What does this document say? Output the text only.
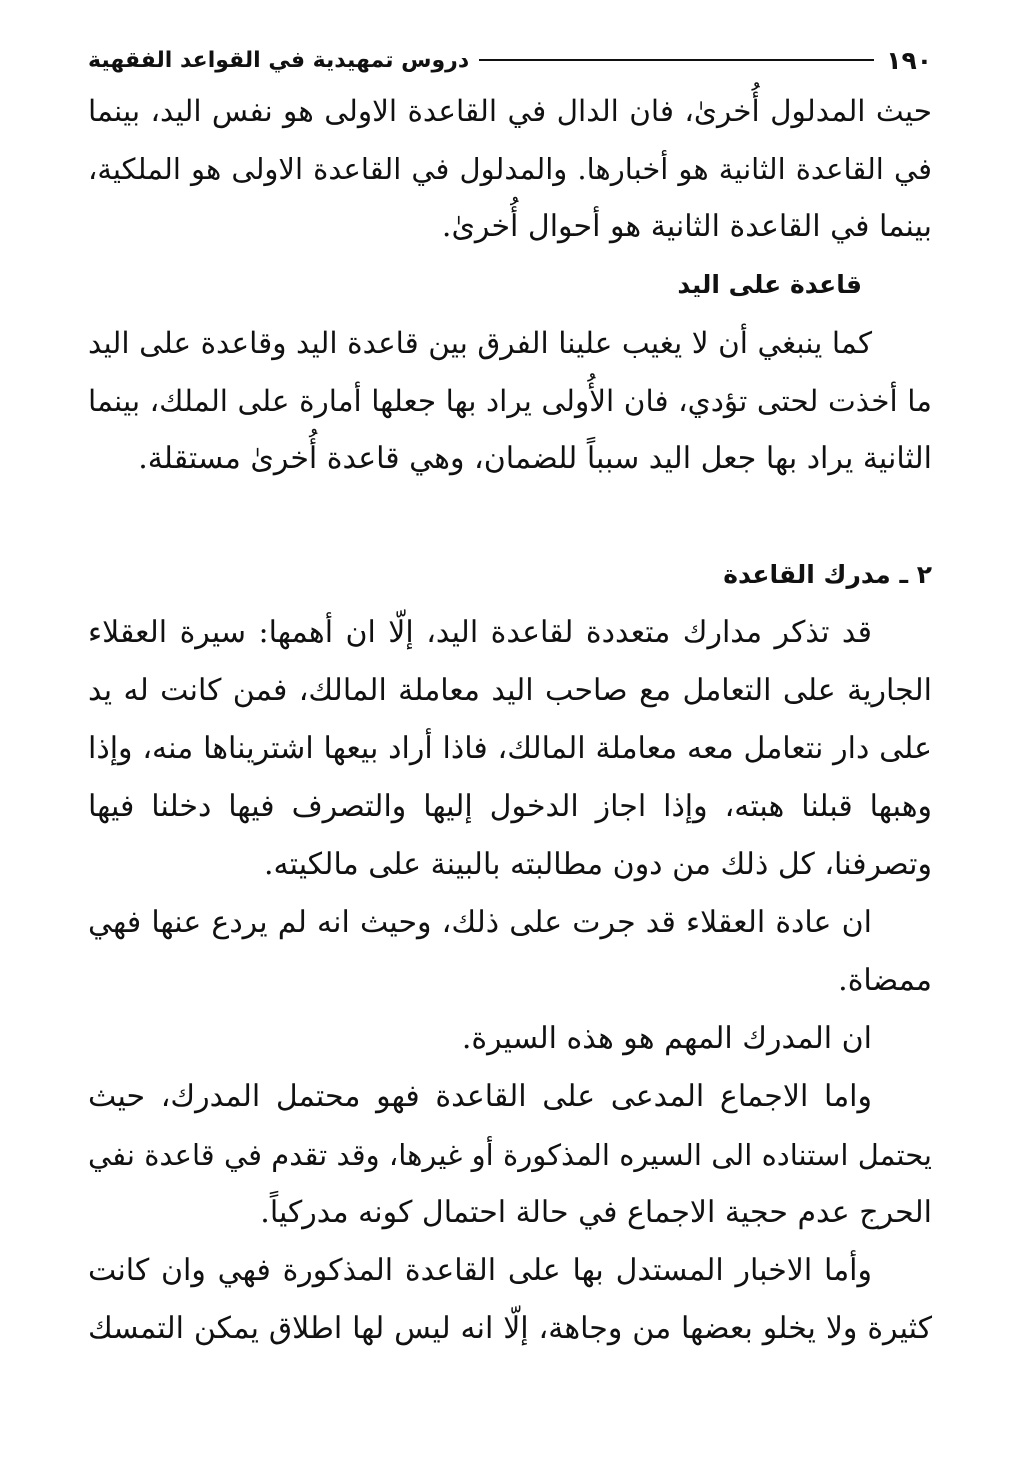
١٩٠
دروس تمهيدية في القواعد الفقهية
حيث المدلول أُخرىٰ، فان الدال في القاعدة الاولى هو نفس اليد، بينما
في القاعدة الثانية هو أخبارها. والمدلول في القاعدة الاولى هو الملكية،
بينما في القاعدة الثانية هو أحوال أُخرىٰ.
قاعدة على اليد
كما ينبغي أن لا يغيب علينا الفرق بين قاعدة اليد وقاعدة على اليد
ما أخذت لحتى تؤدي، فان الأُولى يراد بها جعلها أمارة على الملك، بينما
الثانية يراد بها جعل اليد سبباً للضمان، وهي قاعدة أُخرىٰ مستقلة.
٢ ـ مدرك القاعدة
قد تذكر مدارك متعددة لقاعدة اليد، إلّا ان أهمها: سيرة العقلاء
الجارية على التعامل مع صاحب اليد معاملة المالك، فمن كانت له يد
على دار نتعامل معه معاملة المالك، فاذا أراد بيعها اشتريناها منه، وإذا
وهبها قبلنا هبته، وإذا اجاز الدخول إليها والتصرف فيها دخلنا فيها
وتصرفنا، كل ذلك من دون مطالبته بالبينة على مالكيته.
ان عادة العقلاء قد جرت على ذلك، وحيث انه لم يردع عنها فهي
ممضاة.
ان المدرك المهم هو هذه السيرة.
واما الاجماع المدعى على القاعدة فهو محتمل المدرك، حيث
يحتمل استناده الى السيره المذكورة أو غيرها، وقد تقدم في قاعدة نفي
الحرج عدم حجية الاجماع في حالة احتمال كونه مدركياً.
وأما الاخبار المستدل بها على القاعدة المذكورة فهي وان كانت
كثيرة ولا يخلو بعضها من وجاهة، إلّا انه ليس لها اطلاق يمكن التمسك
